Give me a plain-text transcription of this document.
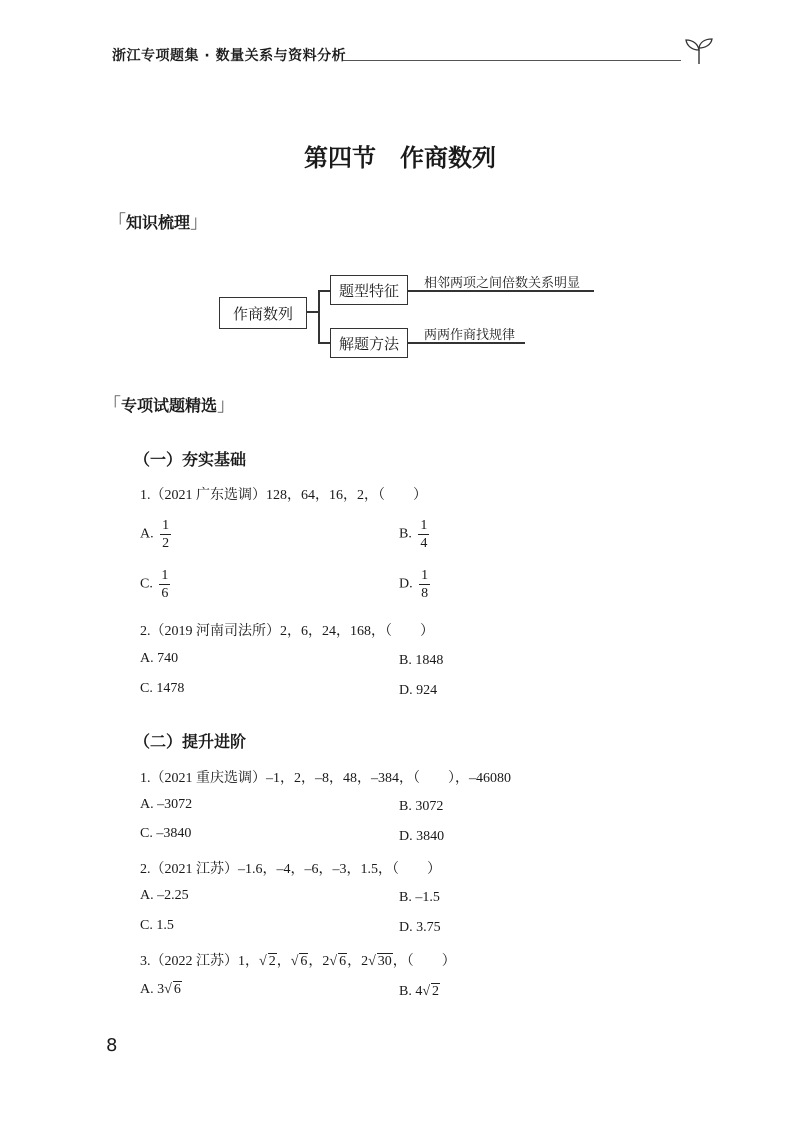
浙江专项题集 · 数量关系与资料分析
第四节　作商数列
「知识梳理」
作商数列
题型特征	相邻两项之间倍数关系明显
解题方法	两两作商找规律
「专项试题精选」
（一）夯实基础
1.（2021 广东选调）128，64，16，2，（　　）
A. $\frac{1}{2}$	B. $\frac{1}{4}$
C. $\frac{1}{6}$	D. $\frac{1}{8}$
2.（2019 河南司法所）2，6，24，168，（　　）
A. 740	B. 1848
C. 1478	D. 924
（二）提升进阶
1.（2021 重庆选调）–1，2，–8，48，–384，（　　），–46080
A. –3072	B. 3072
C. –3840	D. 3840
2.（2021 江苏）–1.6，–4，–6，–3，1.5，（　　）
A. –2.25	B. –1.5
C. 1.5	D. 3.75
3.（2022 江苏）1，√ 2，√ 6，2√ 6，2√ 30，（　　）
A. 3√ 6	B. 4√ 2
8
